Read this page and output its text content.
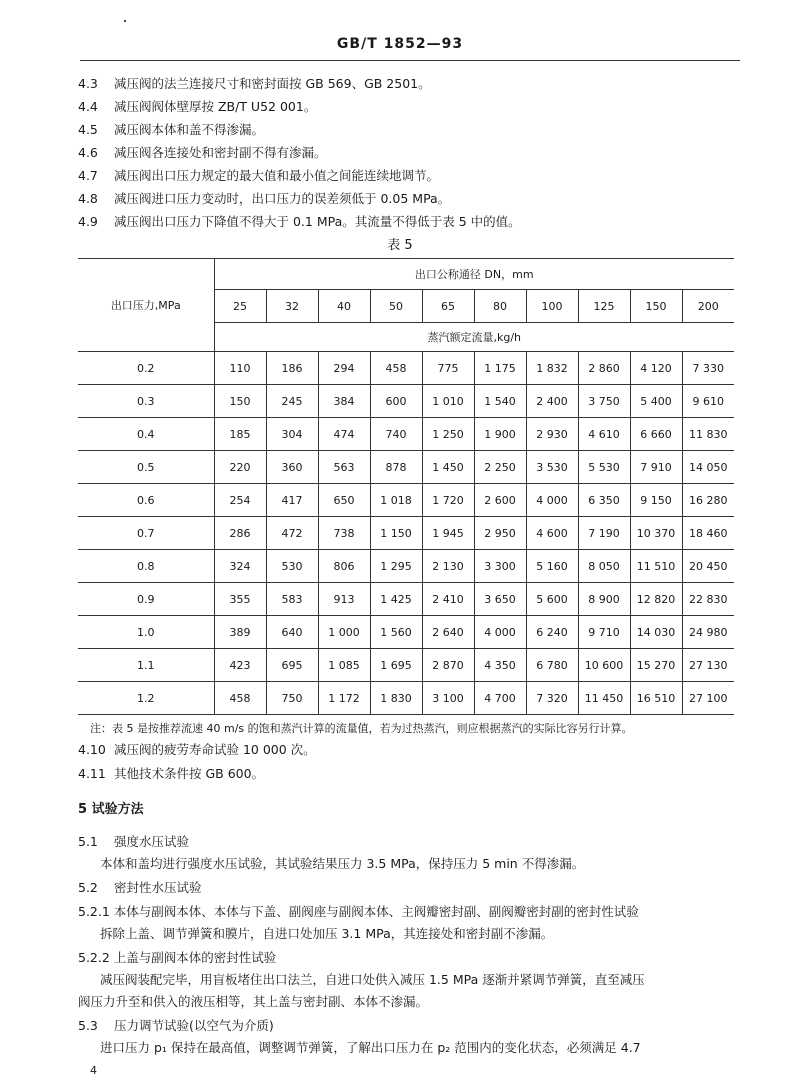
GB/T 1852—93
4.3 减压阀的法兰连接尺寸和密封面按 GB 569、GB 2501。
4.4 减压阀阀体壁厚按 ZB/T U52 001。
4.5 减压阀本体和盖不得渗漏。
4.6 减压阀各连接处和密封副不得有渗漏。
4.7 减压阀出口压力规定的最大值和最小值之间能连续地调节。
4.8 减压阀进口压力变动时，出口压力的误差须低于 0.05 MPa。
4.9 减压阀出口压力下降值不得大于 0.1 MPa。其流量不得低于表 5 中的值。
表 5
出口压力,MPa	出口公称通径 DN，mm									
	25	32	40	50	65	80	100	125	150	200
	蒸汽额定流量,kg/h									
0.2	110	186	294	458	775	1 175	1 832	2 860	4 120	7 330
0.3	150	245	384	600	1 010	1 540	2 400	3 750	5 400	9 610
0.4	185	304	474	740	1 250	1 900	2 930	4 610	6 660	11 830
0.5	220	360	563	878	1 450	2 250	3 530	5 530	7 910	14 050
0.6	254	417	650	1 018	1 720	2 600	4 000	6 350	9 150	16 280
0.7	286	472	738	1 150	1 945	2 950	4 600	7 190	10 370	18 460
0.8	324	530	806	1 295	2 130	3 300	5 160	8 050	11 510	20 450
0.9	355	583	913	1 425	2 410	3 650	5 600	8 900	12 820	22 830
1.0	389	640	1 000	1 560	2 640	4 000	6 240	9 710	14 030	24 980
1.1	423	695	1 085	1 695	2 870	4 350	6 780	10 600	15 270	27 130
1.2	458	750	1 172	1 830	3 100	4 700	7 320	11 450	16 510	27 100
注：表 5 是按推荐流速 40 m/s 的饱和蒸汽计算的流量值，若为过热蒸汽，则应根据蒸汽的实际比容另行计算。
4.10 减压阀的疲劳寿命试验 10 000 次。
4.11 其他技术条件按 GB 600。
5 试验方法
5.1 强度水压试验
本体和盖均进行强度水压试验，其试验结果压力 3.5 MPa，保持压力 5 min 不得渗漏。
5.2 密封性水压试验
5.2.1 本体与副阀本体、本体与下盖、副阀座与副阀本体、主阀瓣密封副、副阀瓣密封副的密封性试验
拆除上盖、调节弹簧和膜片，自进口处加压 3.1 MPa，其连接处和密封副不渗漏。
5.2.2 上盖与副阀本体的密封性试验
减压阀装配完毕，用盲板堵住出口法兰，自进口处供入减压 1.5 MPa 逐渐并紧调节弹簧，直至减压
阀压力升至和供入的液压相等，其上盖与密封副、本体不渗漏。
5.3 压力调节试验(以空气为介质)
进口压力 p₁ 保持在最高值，调整调节弹簧，了解出口压力在 p₂ 范围内的变化状态，必须满足 4.7
4
